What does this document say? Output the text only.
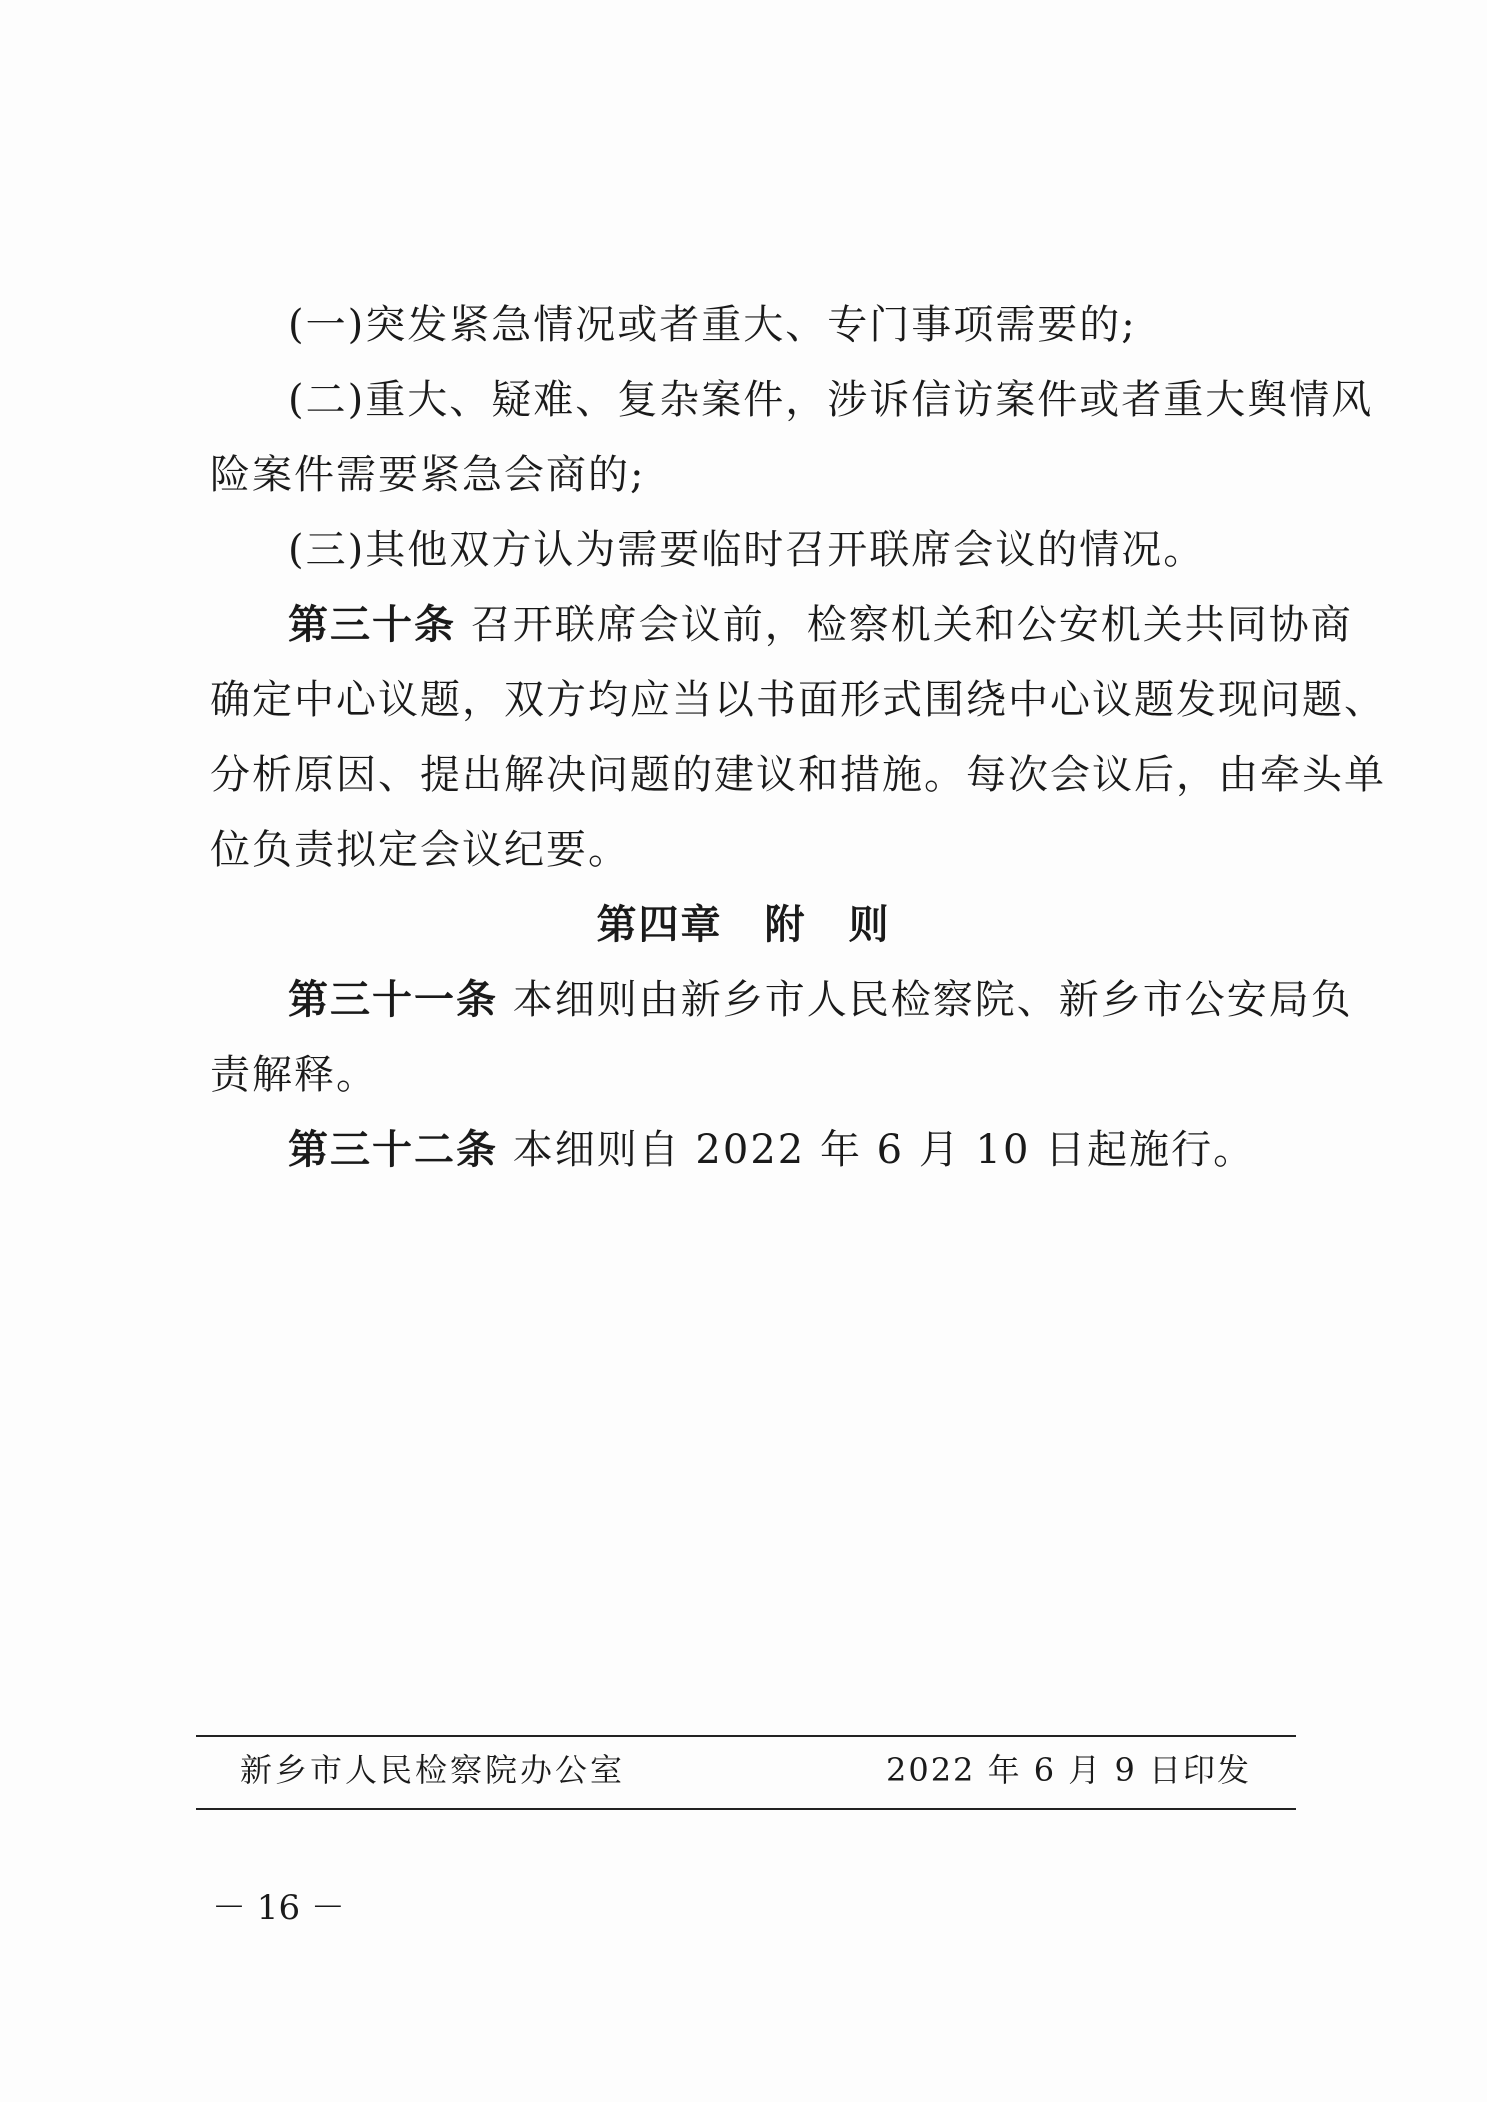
(一)突发紧急情况或者重大、专门事项需要的;
(二)重大、疑难、复杂案件，涉诉信访案件或者重大舆情风
险案件需要紧急会商的;
(三)其他双方认为需要临时召开联席会议的情况。
第三十条 召开联席会议前，检察机关和公安机关共同协商
确定中心议题，双方均应当以书面形式围绕中心议题发现问题、
分析原因、提出解决问题的建议和措施。每次会议后，由牵头单
位负责拟定会议纪要。
第四章　附　则
第三十一条 本细则由新乡市人民检察院、新乡市公安局负
责解释。
第三十二条 本细则自 2022 年 6 月 10 日起施行。
新乡市人民检察院办公室	2022 年 6 月 9 日印发
－ 16 －
